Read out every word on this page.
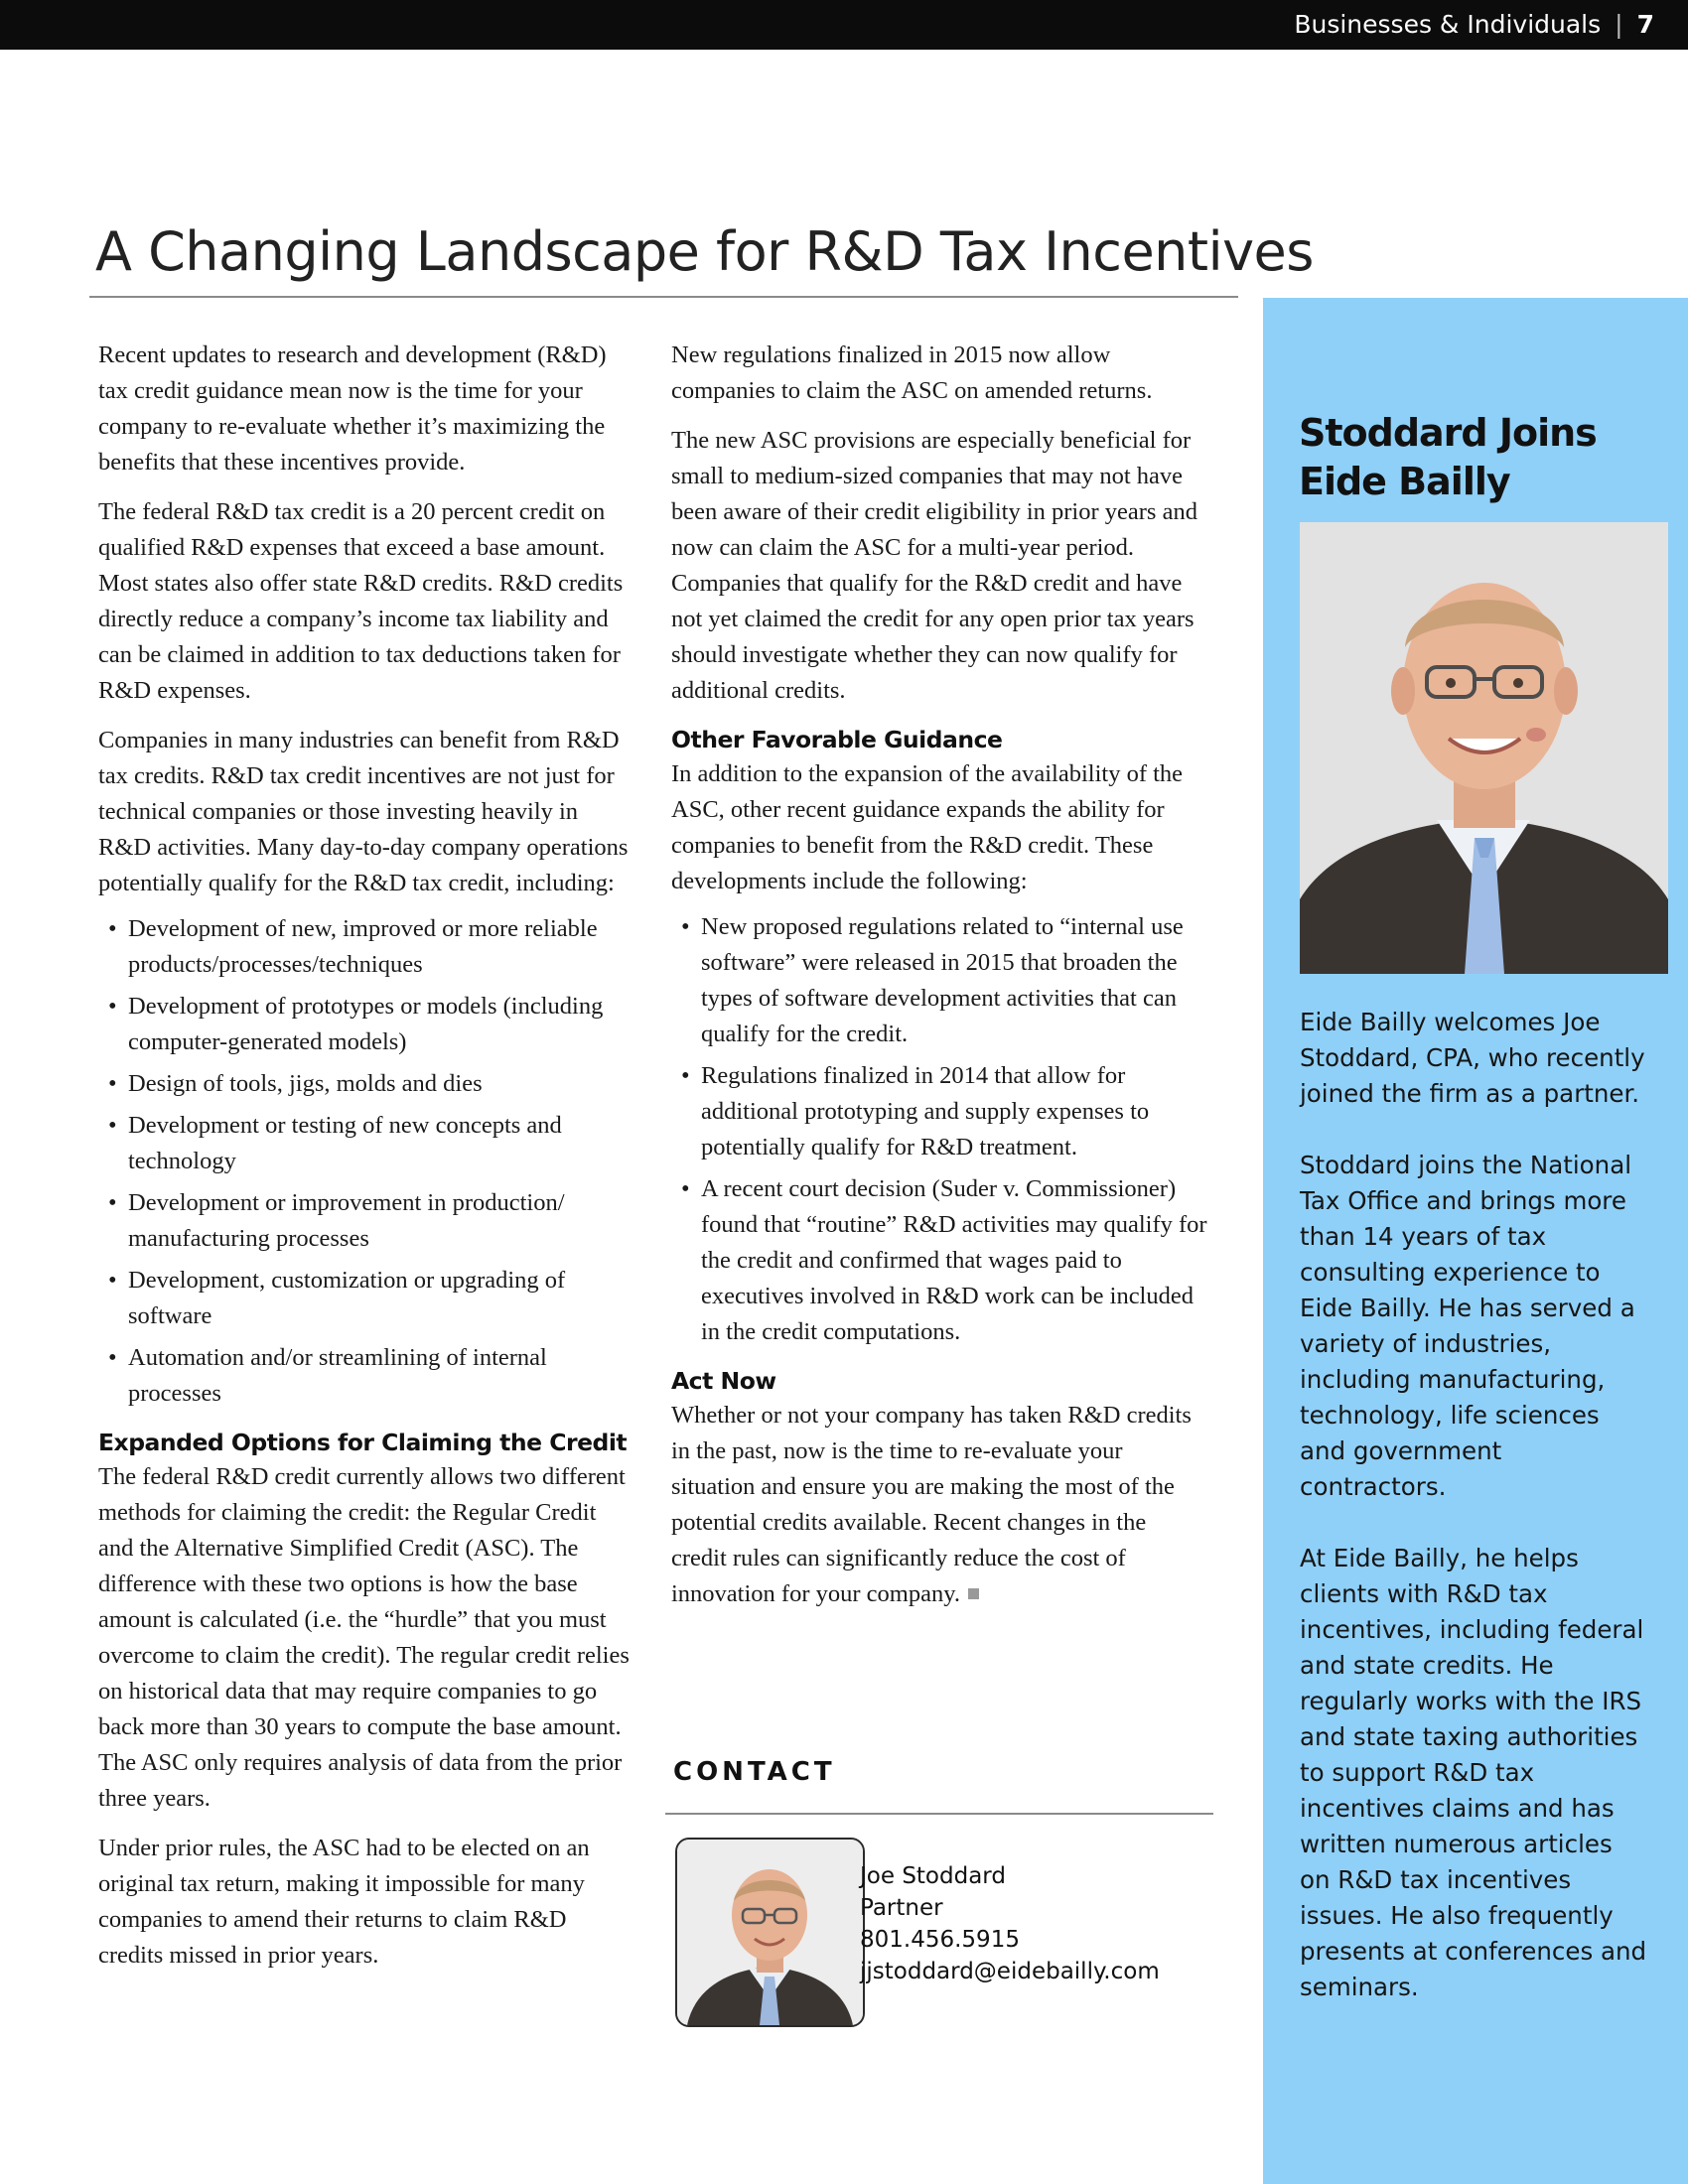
Businesses & Individuals | 7
A Changing Landscape for R&D Tax Incentives

Recent updates to research and development (R&D) tax credit guidance mean now is the time for your company to re-evaluate whether it’s maximizing the benefits that these incentives provide.

The federal R&D tax credit is a 20 percent credit on qualified R&D expenses that exceed a base amount. Most states also offer state R&D credits. R&D credits directly reduce a company’s income tax liability and can be claimed in addition to tax deductions taken for R&D expenses.

Companies in many industries can benefit from R&D tax credits. R&D tax credit incentives are not just for technical companies or those investing heavily in R&D activities. Many day-to-day company operations potentially qualify for the R&D tax credit, including:

• Development of new, improved or more reliable products/processes/techniques
• Development of prototypes or models (including computer-generated models)
• Design of tools, jigs, molds and dies
• Development or testing of new concepts and technology
• Development or improvement in production/ manufacturing processes
• Development, customization or upgrading of software
• Automation and/or streamlining of internal processes
Expanded Options for Claiming the Credit

The federal R&D credit currently allows two different methods for claiming the credit: the Regular Credit and the Alternative Simplified Credit (ASC). The difference with these two options is how the base amount is calculated (i.e. the “hurdle” that you must overcome to claim the credit). The regular credit relies on historical data that may require companies to go back more than 30 years to compute the base amount. The ASC only requires analysis of data from the prior three years.

Under prior rules, the ASC had to be elected on an original tax return, making it impossible for many companies to amend their returns to claim R&D credits missed in prior years.

New regulations finalized in 2015 now allow companies to claim the ASC on amended returns.

The new ASC provisions are especially beneficial for small to medium-sized companies that may not have been aware of their credit eligibility in prior years and now can claim the ASC for a multi-year period. Companies that qualify for the R&D credit and have not yet claimed the credit for any open prior tax years should investigate whether they can now qualify for additional credits.

Other Favorable Guidance

In addition to the expansion of the availability of the ASC, other recent guidance expands the ability for companies to benefit from the R&D credit. These developments include the following:

• New proposed regulations related to “internal use software” were released in 2015 that broaden the types of software development activities that can qualify for the credit.
• Regulations finalized in 2014 that allow for additional prototyping and supply expenses to potentially qualify for R&D treatment.
• A recent court decision (Suder v. Commissioner) found that “routine” R&D activities may qualify for the credit and confirmed that wages paid to executives involved in R&D work can be included in the credit computations.
Act Now

Whether or not your company has taken R&D credits in the past, now is the time to re-evaluate your situation and ensure you are making the most of the potential credits available. Recent changes in the credit rules can significantly reduce the cost of innovation for your company.

CONTACT
Joe Stoddard
Partner
801.456.5915
jjstoddard@eidebailly.com
Stoddard Joins
Eide Bailly

Eide Bailly welcomes Joe Stoddard, CPA, who recently joined the firm as a partner.

Stoddard joins the National Tax Office and brings more than 14 years of tax consulting experience to Eide Bailly. He has served a variety of industries, including manufacturing, technology, life sciences and government contractors.

At Eide Bailly, he helps clients with R&D tax incentives, including federal and state credits. He regularly works with the IRS and state taxing authorities to support R&D tax incentives claims and has written numerous articles on R&D tax incentives issues. He also frequently presents at conferences and seminars.
